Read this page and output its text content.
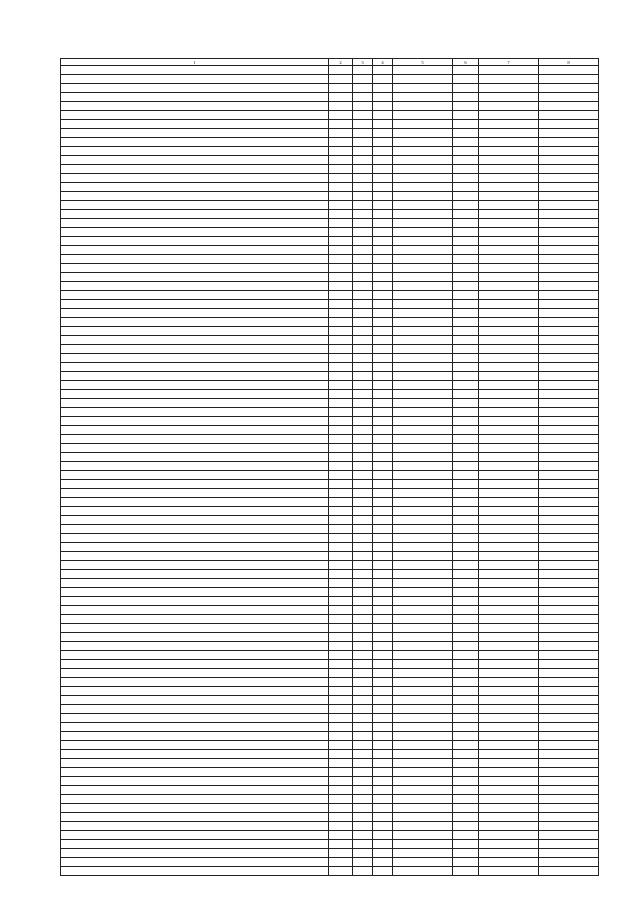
1	2	3	4	5	6	7	8
